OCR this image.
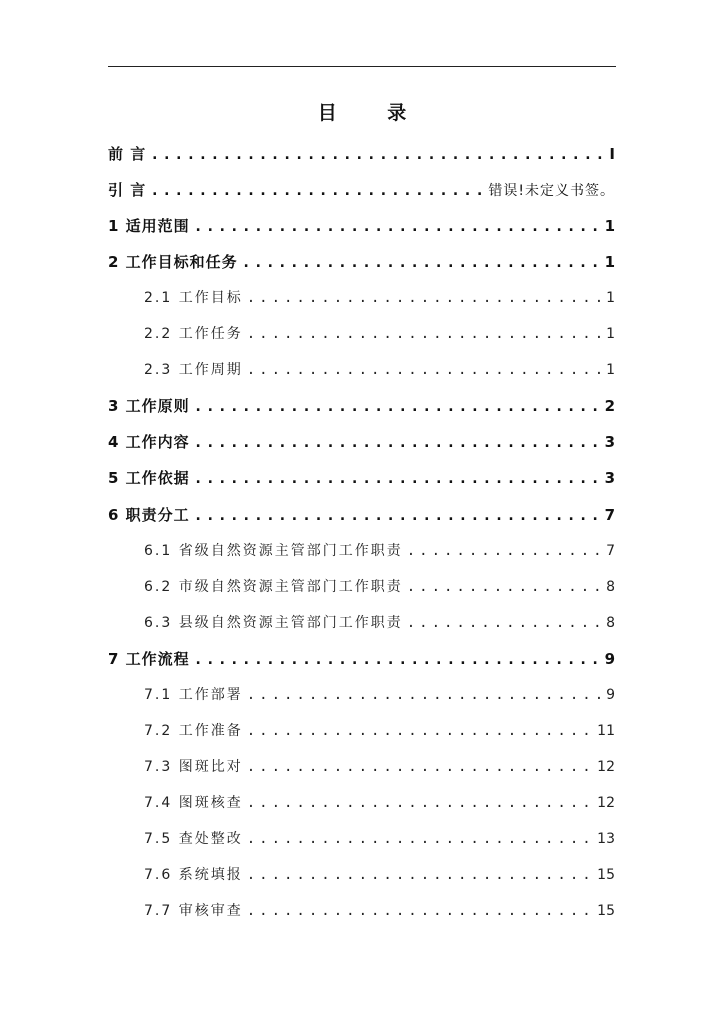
目 录
前 言 .....	I
引 言 .....	错误!未定义书签。
1 适用范围 .....	1
2 工作目标和任务 .....	1
2.1 工作目标 .....	1
2.2 工作任务 .....	1
2.3 工作周期 .....	1
3 工作原则 .....	2
4 工作内容 .....	3
5 工作依据 .....	3
6 职责分工 .....	7
6.1 省级自然资源主管部门工作职责 .....	7
6.2 市级自然资源主管部门工作职责 .....	8
6.3 县级自然资源主管部门工作职责 .....	8
7 工作流程 .....	9
7.1 工作部署 .....	9
7.2 工作准备 .....	11
7.3 图斑比对 .....	12
7.4 图斑核查 .....	12
7.5 查处整改 .....	13
7.6 系统填报 .....	15
7.7 审核审查 .....	15
